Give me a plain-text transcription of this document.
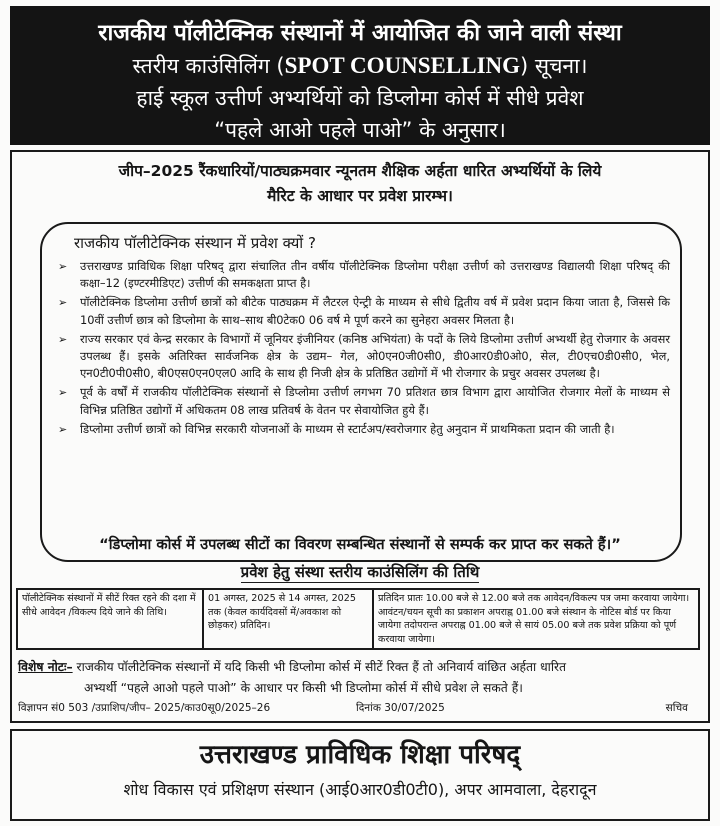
राजकीय पॉलीटेक्निक संस्थानों में आयोजित की जाने वाली संस्था
स्तरीय काउंसिलिंग (SPOT COUNSELLING) सूचना।
हाई स्कूल उत्तीर्ण अभ्यर्थियों को डिप्लोमा कोर्स में सीधे प्रवेश
“पहले आओ पहले पाओ” के अनुसार।
जीप–2025 रैंकधारियों/पाठ्यक्रमवार न्यूनतम शैक्षिक अर्हता धारित अभ्यर्थियों के लिये
मैरिट के आधार पर प्रवेश प्रारम्भ।
राजकीय पॉलीटेक्निक संस्थान में प्रवेश क्यों ?
➢ उत्तराखण्ड प्राविधिक शिक्षा परिषद् द्वारा संचालित तीन वर्षीय पॉलीटेक्निक डिप्लोमा परीक्षा उत्तीर्ण को उत्तराखण्ड विद्यालयी शिक्षा परिषद् की कक्षा–12 (इण्टरमीडिएट) उत्तीर्ण की समकक्षता प्राप्त है।
➢ पॉलीटेक्निक डिप्लोमा उत्तीर्ण छात्रों को बीटेक पाठ्यक्रम में लैटरल ऐन्ट्री के माध्यम से सीधे द्वितीय वर्ष में प्रवेश प्रदान किया जाता है, जिससे कि 10वीं उत्तीर्ण छात्र को डिप्लोमा के साथ–साथ बी0टेक0 06 वर्ष मे पूर्ण करने का सुनेहरा अवसर मिलता है।
➢ राज्य सरकार एवं केन्द्र सरकार के विभागों में जूनियर इंजीनियर (कनिष्ठ अभियंता) के पदों के लिये डिप्लोमा उत्तीर्ण अभ्यर्थी हेतु रोजगार के अवसर उपलब्ध हैं। इसके अतिरिक्त सार्वजनिक क्षेत्र के उद्यम– गेल, ओ0एन0जी0सी0, डी0आर0डी0ओ0, सेल, टी0एच0डी0सी0, भेल, एन0टी0पी0सी0, बी0एस0एन0एल0 आदि के साथ ही निजी क्षेत्र के प्रतिष्ठित उद्योगों में भी रोजगार के प्रचुर अवसर उपलब्ध है।
➢ पूर्व के वर्षों में राजकीय पॉलीटेक्निक संस्थानों से डिप्लोमा उत्तीर्ण लगभग 70 प्रतिशत छात्र विभाग द्वारा आयोजित रोजगार मेलों के माध्यम से विभिन्न प्रतिष्ठित उद्योगों में अधिकतम 08 लाख प्रतिवर्ष के वेतन पर सेवायोजित हुये हैं।
➢ डिप्लोमा उत्तीर्ण छात्रों को विभिन्न सरकारी योजनाओं के माध्यम से स्टार्टअप/स्वरोजगार हेतु अनुदान में प्राथमिकता प्रदान की जाती है।
“डिप्लोमा कोर्स में उपलब्ध सीटों का विवरण सम्बन्धित संस्थानों से सम्पर्क कर प्राप्त कर सकते हैं।”
प्रवेश हेतु संस्था स्तरीय काउंसिलिंग की तिथि
पॉलीटेक्निक संस्थानों में सीटें रिक्त रहने की दशा में सीधे आवेदन /विकल्प दिये जाने की तिथि।
01 अगस्त, 2025 से 14 अगस्त, 2025 तक (केवल कार्यदिवसों में/अवकाश को छोड़कर) प्रतिदिन।
प्रतिदिन प्रातः 10.00 बजे से 12.00 बजे तक आवेदन/विकल्प पत्र जमा करवाया जायेगा। आवंटन/चयन सूची का प्रकाशन अपराह्न 01.00 बजे संस्थान के नोटिस बोर्ड पर किया जायेगा तदोपरान्त अपराह्न 01.00 बजे से सायं 05.00 बजे तक प्रवेश प्रक्रिया को पूर्ण करवाया जायेगा।
विशेष नोटः– राजकीय पॉलीटेक्निक संस्थानों में यदि किसी भी डिप्लोमा कोर्स में सीटें रिक्त हैं तो अनिवार्य वांछित अर्हता धारित
अभ्यर्थी “पहले आओ पहले पाओ” के आधार पर किसी भी डिप्लोमा कोर्स में सीधे प्रवेश ले सकते हैं।
विज्ञापन सं0 503 /उप्राशिप/जीप– 2025/काउ0सू0/2025–26	दिनांक 30/07/2025	सचिव
उत्तराखण्ड प्राविधिक शिक्षा परिषद्
शोध विकास एवं प्रशिक्षण संस्थान (आई0आर0डी0टी0), अपर आमवाला, देहरादून
